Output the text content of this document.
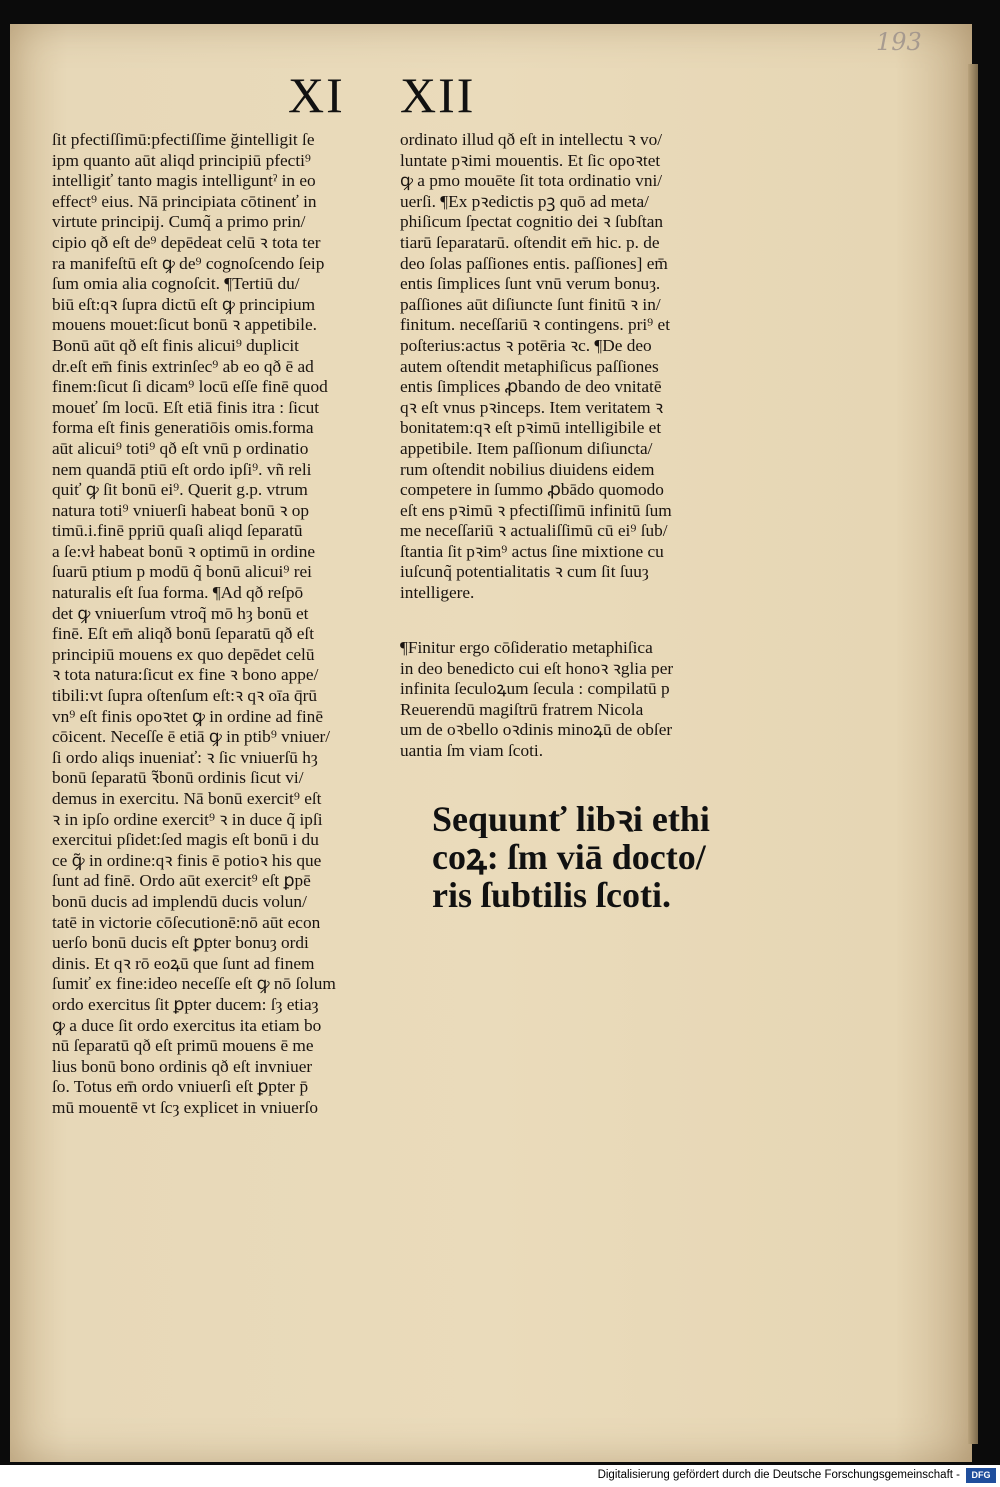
193
XI XII
ſit pfectiſſimū:pfectiſſime ğintelligit ſe
ipm quanto aūt aliqd principiū pfecti⁹
intelligiť tanto magis intelliguntˀ in eo
effect⁹ eius. Nā principiata cōtinenť in
virtute principij. Cumq̃ a primo prin/
cipio qð eſt de⁹ depēdeat celū ꝛ tota ter
ra manifeſtū eſt ꝙ de⁹ cognoſcendo ſeip
ſum omia alia cognoſcit. ¶Tertiū du/
biū eſt:qꝛ ſupra dictū eſt ꝙ principium
mouens mouet:ſicut bonū ꝛ appetibile.
Bonū aūt qð eſt finis alicui⁹ duplicit
dr.eſt em̄ finis extrinſec⁹ ab eo qð ē ad
finem:ſicut ſi dicam⁹ locū eſſe finē quod
moueť ſm locū. Eſt etiā finis itra : ſicut
forma eſt finis generatiōis omis.forma
aūt alicui⁹ toti⁹ qð eſt vnū p ordinatio
nem quandā ptiū eſt ordo ipſi⁹. vñ reli
quiť ꝙ ſit bonū ei⁹. Querit g.p. vtrum
natura toti⁹ vniuerſi habeat bonū ꝛ op
timū.i.finē ppriū quaſi aliqd ſeparatū
a ſe:vł habeat bonū ꝛ optimū in ordine
ſuarū ptium p modū q̃ bonū alicui⁹ rei
naturalis eſt ſua forma. ¶Ad qð reſpō
det ꝙ vniuerſum vtroq̃ mō hȝ bonū et
finē. Eſt em̄ aliqð bonū ſeparatū qð eſt
principiū mouens ex quo depēdet celū
ꝛ tota natura:ſicut ex fine ꝛ bono appe/
tibili:vt ſupra oſtenſum eſt:ꝛ qꝛ oīa q̄rū
vn⁹ eſt finis opoꝛtet ꝙ in ordine ad finē
cōicent. Neceſſe ē etiā ꝙ in ptib⁹ vniuer/
ſi ordo aliqs inueniať: ꝛ ſic vniuerſū hȝ
bonū ſeparatū ꝛ̃bonū ordinis ſicut vi/
demus in exercitu. Nā bonū exercit⁹ eſt
ꝛ in ipſo ordine exercit⁹ ꝛ in duce q̃ ipſi
exercitui pſidet:ſed magis eſt bonū i du
ce ꝙ̃ in ordine:qꝛ finis ē potioꝛ his que
ſunt ad finē. Ordo aūt exercit⁹ eſt ꝑpē
bonū ducis ad implendū ducis volun/
tatē in victorie cōſecutionē:nō aūt econ
uerſo bonū ducis eſt ꝑpter bonuȝ ordi
dinis. Et qꝛ rō eoꝝū que ſunt ad finem
ſumiť ex fine:ideo neceſſe eſt ꝙ nō ſolum
ordo exercitus ſit ꝑpter ducem: ſȝ etiaȝ
ꝙ a duce ſit ordo exercitus ita etiam bo
nū ſeparatū qð eſt primū mouens ē me
lius bonū bono ordinis qð eſt invniuer
ſo. Totus em̄ ordo vniuerſi eſt ꝑpter p̄
mū mouentē vt ſcȝ explicet in vniuerſo
ordinato illud qð eſt in intellectu ꝛ vo/
luntate pꝛimi mouentis. Et ſic opoꝛtet
ꝙ a pmo mouēte ſit tota ordinatio vni/
uerſi. ¶Ex pꝛedictis pꝫ quō ad meta/
phiſicum ſpectat cognitio dei ꝛ ſubſtan
tiarū ſeparatarū. oſtendit em̄ hic. p. de
deo ſolas paſſiones entis. paſſiones] em̄
entis ſimplices ſunt vnū verum bonuȝ.
paſſiones aūt diſiuncte ſunt finitū ꝛ in/
finitum. neceſſariū ꝛ contingens. pri⁹ et
poſterius:actus ꝛ potēria ꝛc. ¶De deo
autem oſtendit metaphiſicus paſſiones
entis ſimplices ꝓbando de deo vnitatē
qꝛ eſt vnus pꝛinceps. Item veritatem ꝛ
bonitatem:qꝛ eſt pꝛimū intelligibile et
appetibile. Item paſſionum diſiuncta/
rum oſtendit nobilius diuidens eidem
competere in ſummo ꝓbādo quomodo
eſt ens pꝛimū ꝛ pfectiſſimū infinitū ſum
me neceſſariū ꝛ actualiſſimū cū ei⁹ ſub/
ſtantia ſit pꝛim⁹ actus ſine mixtione cu
iuſcunq̃ potentialitatis ꝛ cum ſit ſuuȝ
intelligere.
¶Finitur ergo cōſideratio metaphiſica
in deo benedicto cui eſt honoꝛ ꝛglia per
infinita ſeculoꝝum ſecula : compilatū p
Reuerendū magiſtrū fratrem Nicola
um de oꝛbello oꝛdinis minoꝝū de obſer
uantia ſm viam ſcoti.
Sequunť libꝛi ethi
coꝝ: ſm viā docto/
ris ſubtilis ſcoti.
Digitalisierung gefördert durch die Deutsche Forschungsgemeinschaft -	DFG
